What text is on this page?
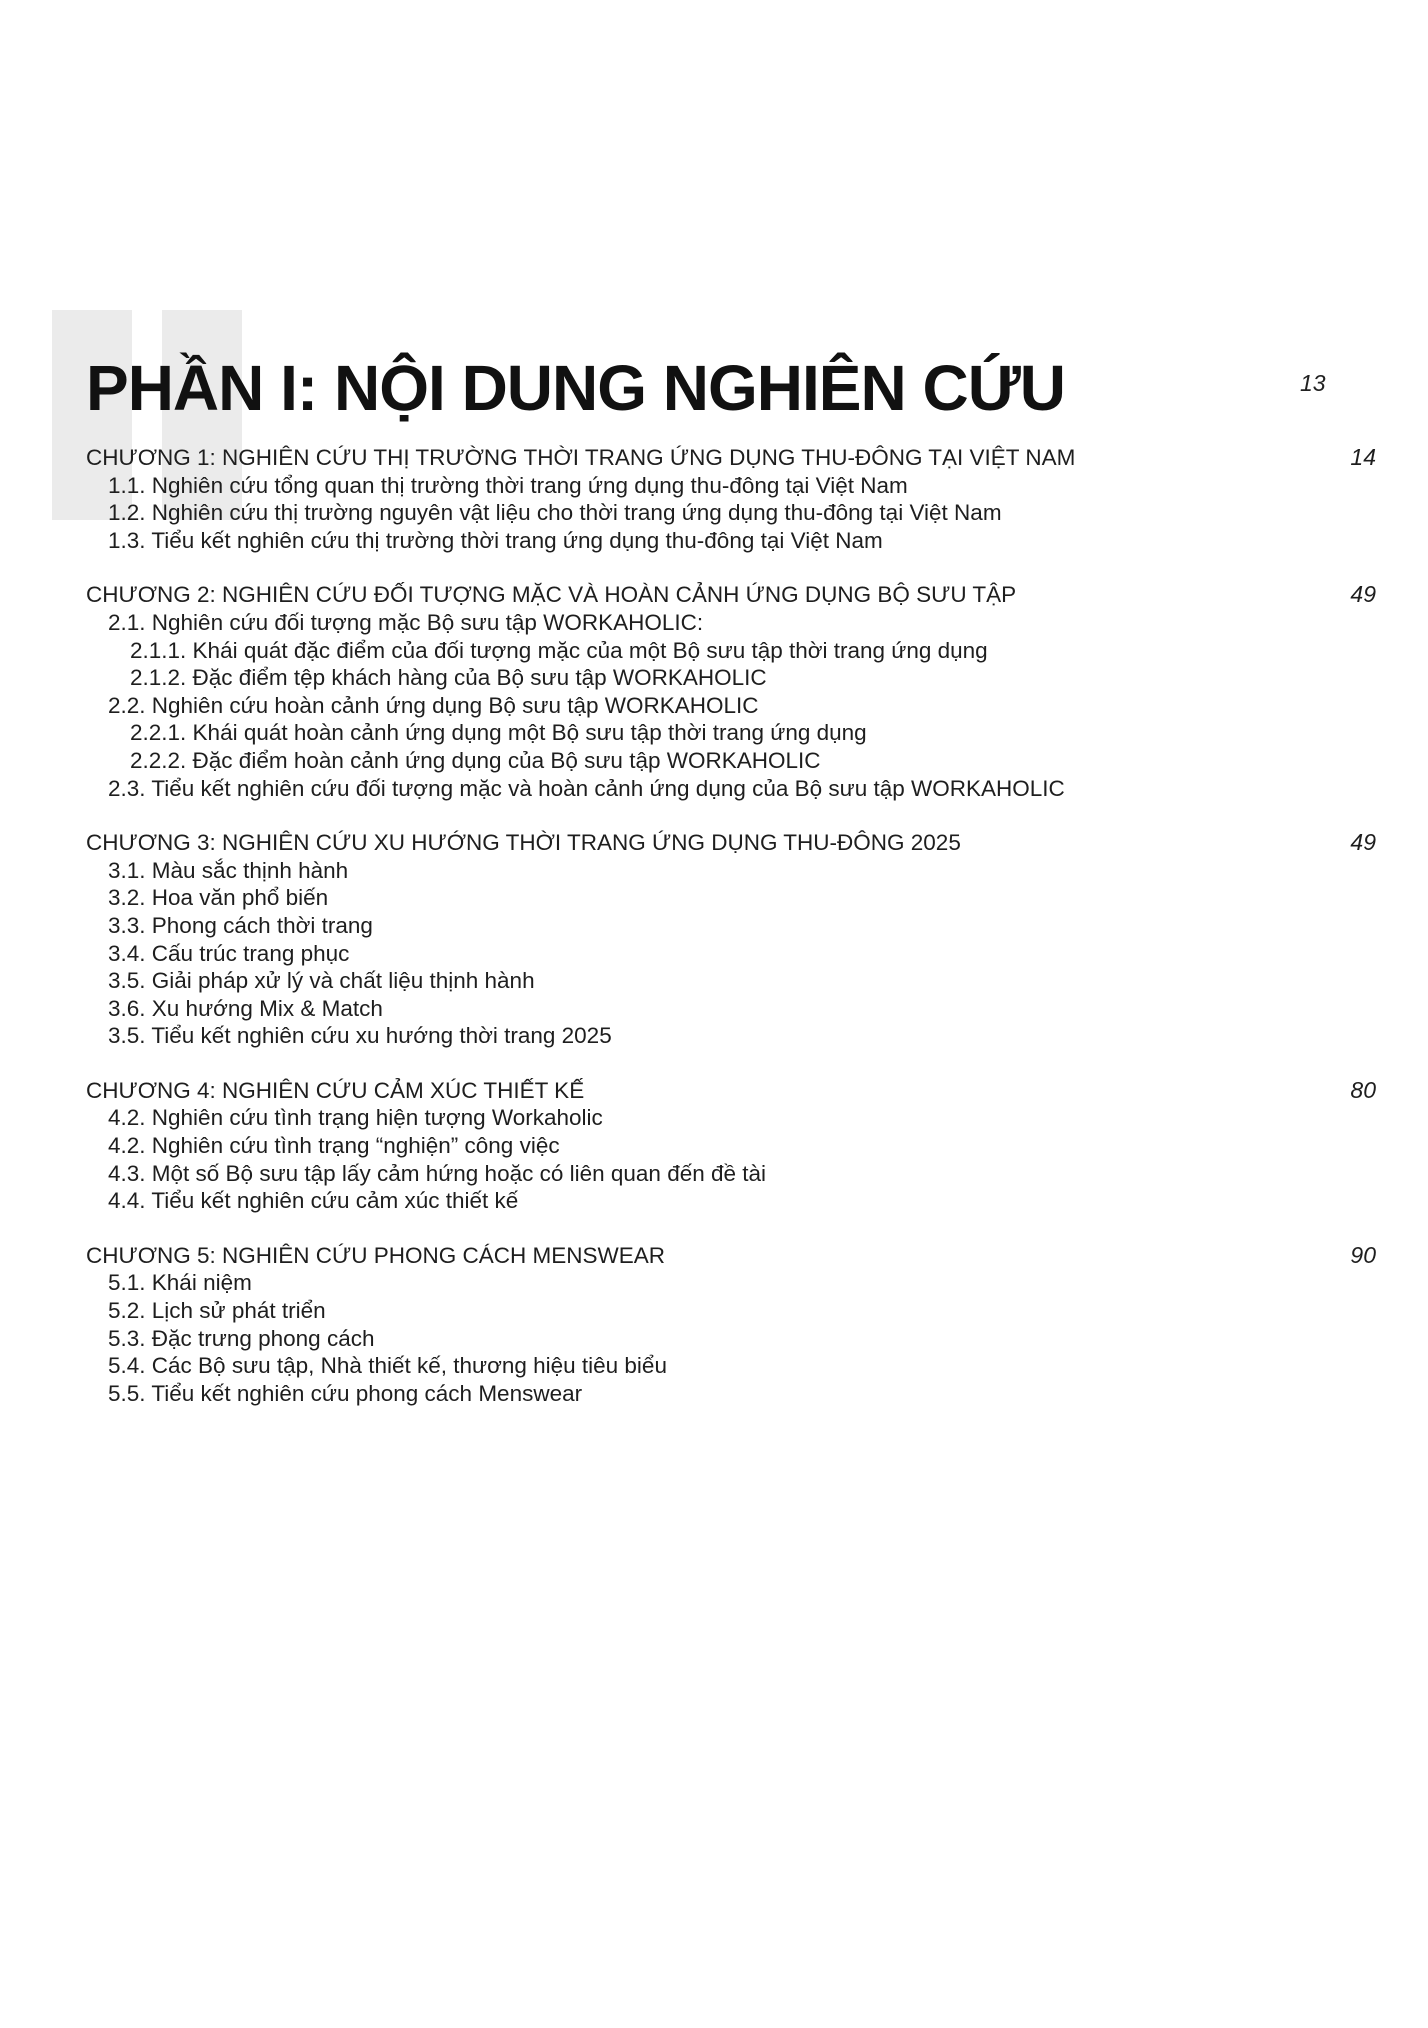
PHẦN I: NỘI DUNG NGHIÊN CỨU	13
CHƯƠNG 1: NGHIÊN CỨU THỊ TRƯỜNG THỜI TRANG ỨNG DỤNG THU-ĐÔNG TẠI VIỆT NAM	14
1.1. Nghiên cứu tổng quan thị trường thời trang ứng dụng thu-đông tại Việt Nam
1.2. Nghiên cứu thị trường nguyên vật liệu cho thời trang ứng dụng thu-đông tại Việt Nam
1.3. Tiểu kết nghiên cứu thị trường thời trang ứng dụng thu-đông tại Việt Nam
CHƯƠNG 2: NGHIÊN CỨU ĐỐI TƯỢNG MẶC VÀ HOÀN CẢNH ỨNG DỤNG BỘ SƯU TẬP	49
2.1. Nghiên cứu đối tượng mặc Bộ sưu tập WORKAHOLIC:
2.1.1. Khái quát đặc điểm của đối tượng mặc của một Bộ sưu tập thời trang ứng dụng
2.1.2. Đặc điểm tệp khách hàng của Bộ sưu tập WORKAHOLIC
2.2. Nghiên cứu hoàn cảnh ứng dụng Bộ sưu tập WORKAHOLIC
2.2.1. Khái quát hoàn cảnh ứng dụng một Bộ sưu tập thời trang ứng dụng
2.2.2. Đặc điểm hoàn cảnh ứng dụng của Bộ sưu tập WORKAHOLIC
2.3. Tiểu kết nghiên cứu đối tượng mặc và hoàn cảnh ứng dụng của Bộ sưu tập WORKAHOLIC
CHƯƠNG 3: NGHIÊN CỨU XU HƯỚNG THỜI TRANG ỨNG DỤNG THU-ĐÔNG 2025	49
3.1. Màu sắc thịnh hành
3.2. Hoa văn phổ biến
3.3. Phong cách thời trang
3.4. Cấu trúc trang phục
3.5. Giải pháp xử lý và chất liệu thịnh hành
3.6. Xu hướng Mix & Match
3.5. Tiểu kết nghiên cứu xu hướng thời trang 2025
CHƯƠNG 4: NGHIÊN CỨU CẢM XÚC THIẾT KẾ	80
4.2. Nghiên cứu tình trạng hiện tượng Workaholic
4.2. Nghiên cứu tình trạng “nghiện” công việc
4.3. Một số Bộ sưu tập lấy cảm hứng hoặc có liên quan đến đề tài
4.4. Tiểu kết nghiên cứu cảm xúc thiết kế
CHƯƠNG 5: NGHIÊN CỨU PHONG CÁCH MENSWEAR	90
5.1. Khái niệm
5.2. Lịch sử phát triển
5.3. Đặc trưng phong cách
5.4. Các Bộ sưu tập, Nhà thiết kế, thương hiệu tiêu biểu
5.5. Tiểu kết nghiên cứu phong cách Menswear
